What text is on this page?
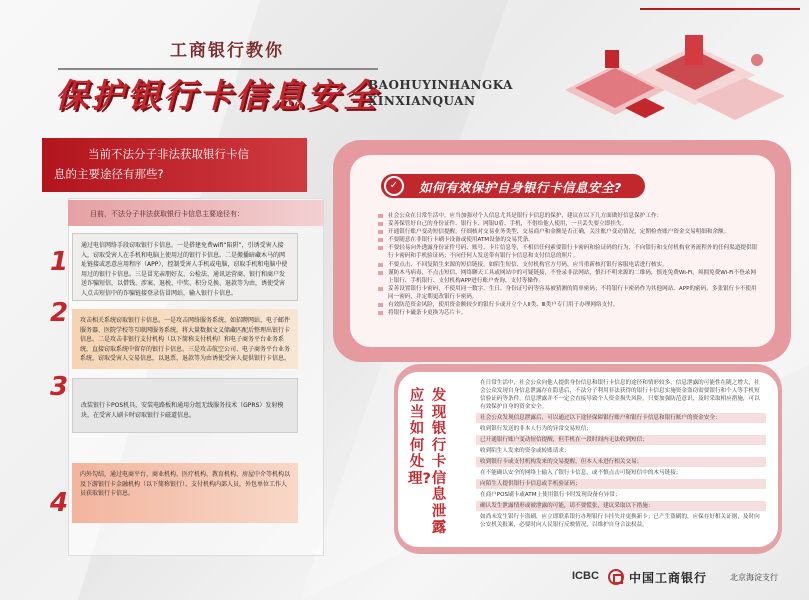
工商银行教你
保护银行卡信息安全
BAOHUYINHANGKA
XINXIANQUAN
当前不法分子非法获取银行卡信
息的主要途径有那些?
目前，不法分子非法获取银行卡信息主要途径有：
1
通过电信网络手段窃取银行卡信息。一是搭建免费wifi“陷阱”，引诱受害人接入，窃取受害人在手机和电脑上使用过的银行卡信息。二是搬播暗藏木马的网址链接或恶意应用程序（APP），控制受害人手机或电脑，窃取手机和电脑中使用过的银行卡信息。三是冒充亲朋好友、公检法、通讯运营商、银行和商户发送诈骗短信，以借钱、涉案、退税、中奖、积分兑换、退款等为由，诱使受害人点击短信中的诈骗链接登录仿冒网站，输入银行卡信息。
2	攻击相关系统窃取银行卡信息。一是攻击网络服务系统，如招聘网站、电子邮件服务器、医院学校等互联网服务系统，将大量数据文义储藏匹配后整理出银行卡信息。二是攻击非银行支付机构（以下简称支付机构）和电子商务平台业务系统，直接窃取系统中留存的银行卡信息。三是攻击航空公司、电子商务平台业务系统，窃取受害人交易信息，以退票、退款等为由诱使受害人提供银行卡信息。
3
改装银行卡POS机具，安装电路板和通用分组无线服务技术（GPRS）发射模块，在受害人刷卡时窃取银行卡磁道信息。
4
内外勾结，通过电商平台、商业机构、医疗机构、教育机构、房屋中介等机构以及下游银行卡金融机构（以下简称银行）、支付机构内部人员，外包单位工作人员获取银行卡信息。
如何有效保护自身银行卡信息安全?
✓

社会公众在日常生活中，应当加强对个人信息尤其是银行卡信息的保护，建议在以下几方面做好信息保护工作：

妥善保管好自己的身份证件、银行卡、网银U盾、手机，不借给他人使用，一旦丢失要立即挂失。

开通银行账户变动短信提醒，仔细核对交易业务类型、交易商户和金额是否正确，关注账户变动情况，定期检查账户资金交易明细和余额。

不要随意在非银行卡刷卡设备或使用ATM设备的交易凭条。

不要轻易向外透露身份证件号码、账号、卡片信息等，不相信任何索要银行卡密码和验证码的行为，不向银行和支付机构业务流程外的任何渠道提供银行卡密码和手机验证码；不向任何人发送带有银行卡信息和支付信息的照片。

不要点击、不回复陌生来源的短信链接，如陌生短信、支付机构官方号码，应当重新核打银行客服电话进行核实。

谨防木马病毒，不点击短信、网络聊天工具或网站中的可疑链接，不登录非法网站，慎扫不明来源的二维码，慎连免费Wi-Fi，须拥免费Wi-Fi不登录网上银行、手机银行、支付机构APP进行账户查询、支付等操作。

妥善设置银行卡密码，不使用同一数字、生日、身份证号码等容易被猜测的简单密码；不将银行卡密码作为其他网站、APP的密码，多张银行卡不使用同一密码，并定期更改银行卡密码。

有效防范资金风险，使用资金额较少的银行卡或开立个人Ⅱ类、Ⅲ类户专门用于办理网络支付。

将银行卡磁条卡更换为芯片卡。

应当如何处理?
发现银行卡信息泄露
在日常生活中，社会公众向他人提供身份信息和银行卡信息的途径和情形较多，信息泄露的可能性在随之增大，社会公众发现自身信息泄露存在隐患后，不法分子利用非法获得的银行卡信息实施资金盗窃需要银行和个人等手机短信验证码等条件，信息泄露并不一定会直接导致个人资金损失风险，只要加强防范意识，及时采取相应措施，可以有效保护自身的资金安全。
社会公众发现信息泄露后，可以通过以下途径保障银行账户和银行卡信息和银行账户的资金安全：
收到银行发送的非本人行为的异常交易短信；
已开通银行账户变动短信提醒，但手机在一段时间内无法收到短信；
收到陌生人发来的资金或转账请求；
收到银行卡或支付机构发来的交易提醒，但本人未进行相关交易；
在不能确认安全的网络上输入了银行卡信息，或不慎点击可疑短信中的木马链接；
向陌生人提供银行卡信息或手机验证码；
在商户POS刷卡或ATM上使用银行卡时发现设备有异常；
确认发生泄露情形或被泄露的可能，请不要慌张，建议采取以下措施：
如尚未发生银行卡盗刷，应立即联系银行办理银行卡挂失并更换新卡；已产生盗刷的，应保存好相关证据，及时向公安机关报案，必要时向人民银行反映情况，以维护自身合法权益。
ICBC	中国工商银行	北京海淀支行
